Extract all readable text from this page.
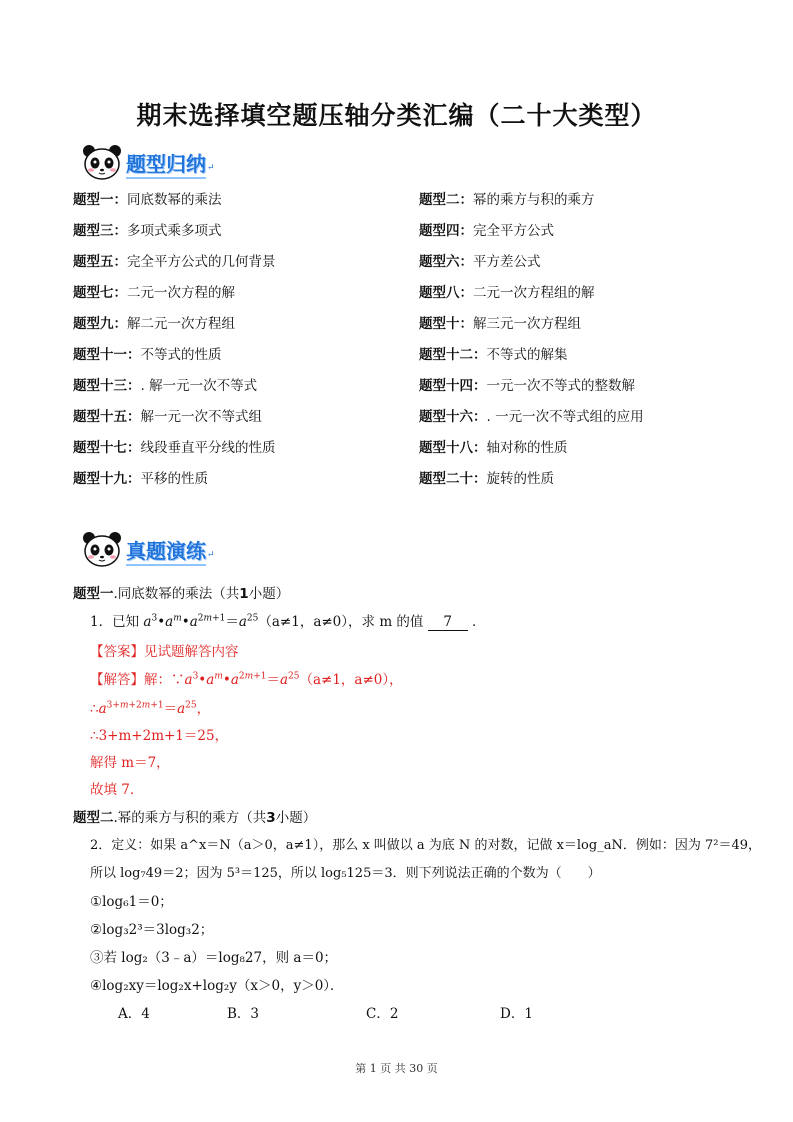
期末选择填空题压轴分类汇编（二十大类型）
题型归纳 ↵
题型一：同底数幂的乘法	题型二：幂的乘方与积的乘方
题型三：多项式乘多项式	题型四：完全平方公式
题型五：完全平方公式的几何背景	题型六：平方差公式
题型七：二元一次方程的解	题型八：二元一次方程组的解
题型九：解二元一次方程组	题型十：解三元一次方程组
题型十一：不等式的性质	题型十二：不等式的解集
题型十三：. 解一元一次不等式	题型十四：一元一次不等式的整数解
题型十五：解一元一次不等式组	题型十六：. 一元一次不等式组的应用
题型十七：线段垂直平分线的性质	题型十八：轴对称的性质
题型十九：平移的性质	题型二十：旋转的性质
真题演练 ↵
题型一.同底数幂的乘法（共1小题）
1．已知 $a^3•a^m•a^{2m+1}=a^{25}(a\ne 1$，a≠0），求 m 的值 7 ．
【答案】见试题解答内容
【解答】解：$\because a^3•a^m•a^{2m+1}=a^{25}(a\ne 1$，a≠0），
$\therefore a^{3+m+2m+1}=a^{25}$，
∴3+m+2m+1＝25，
解得 m＝7，
故填 7．
题型二.幂的乘方与积的乘方（共3小题）
2．定义：如果 a^x＝N（a＞0，a≠1），那么 x 叫做以 a 为底 N 的对数，记做 x＝log_aN．例如：因为 7²＝49，
所以 log₇49＝2；因为 5³＝125，所以 log₅125＝3．则下列说法正确的个数为（　　）
①log₆1＝0；
②log₃2³＝3log₃2；
③若 log₂（3﹣a）＝log₈27，则 a＝0；
④log₂xy＝log₂x+log₂y（x＞0，y＞0）．
A．4	B．3	C．2	D．1
第 1 页 共 30 页
